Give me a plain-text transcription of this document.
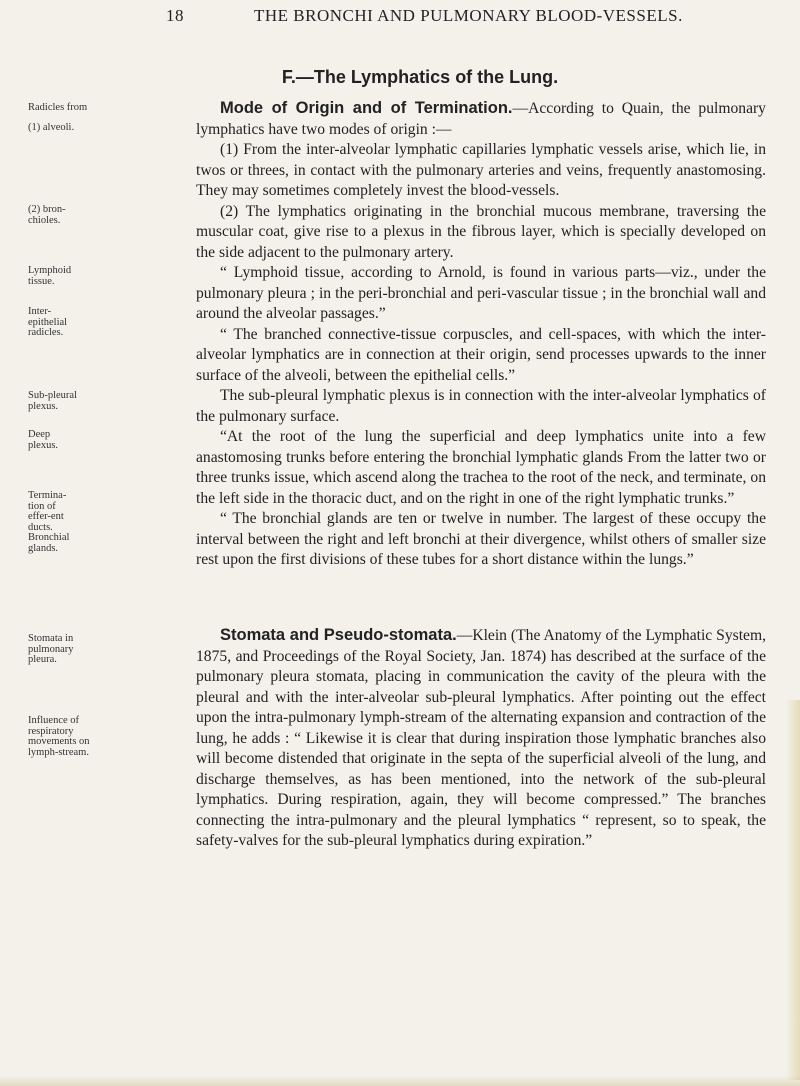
18	THE BRONCHI AND PULMONARY BLOOD-VESSELS.
F.—The Lymphatics of the Lung.

Mode of Origin and of Termination.—According to Quain, the pulmonary lymphatics have two modes of origin :—

(1) From the inter-alveolar lymphatic capillaries lymphatic vessels arise, which lie, in twos or threes, in contact with the pulmonary arteries and veins, frequently anastomosing. They may sometimes completely invest the blood-vessels.

(2) The lymphatics originating in the bronchial mucous membrane, traversing the muscular coat, give rise to a plexus in the fibrous layer, which is specially developed on the side adjacent to the pulmonary artery.

“ Lymphoid tissue, according to Arnold, is found in various parts—viz., under the pulmonary pleura ; in the peri-bronchial and peri-vascular tissue ; in the bronchial wall and around the alveolar passages.”

“ The branched connective-tissue corpuscles, and cell-spaces, with which the inter-alveolar lymphatics are in connection at their origin, send processes upwards to the inner surface of the alveoli, between the epithelial cells.”

The sub-pleural lymphatic plexus is in connection with the inter-alveolar lymphatics of the pulmonary surface.

“At the root of the lung the superficial and deep lymphatics unite into a few anastomosing trunks before entering the bronchial lymphatic glands From the latter two or three trunks issue, which ascend along the trachea to the root of the neck, and terminate, on the left side in the thoracic duct, and on the right in one of the right lymphatic trunks.”

“ The bronchial glands are ten or twelve in number. The largest of these occupy the interval between the right and left bronchi at their divergence, whilst others of smaller size rest upon the first divisions of these tubes for a short distance within the lungs.”

Stomata and Pseudo-stomata.—Klein (The Anatomy of the Lymphatic System, 1875, and Proceedings of the Royal Society, Jan. 1874) has described at the surface of the pulmonary pleura stomata, placing in communication the cavity of the pleura with the pleural and with the inter-alveolar sub-pleural lymphatics. After pointing out the effect upon the intra-pulmonary lymph-stream of the alternating expansion and contraction of the lung, he adds : “ Likewise it is clear that during inspiration those lymphatic branches also will become distended that originate in the septa of the superficial alveoli of the lung, and discharge themselves, as has been mentioned, into the network of the sub-pleural lymphatics. During respiration, again, they will become compressed.” The branches connecting the intra-pulmonary and the pleural lymphatics “ represent, so to speak, the safety-valves for the sub-pleural lymphatics during expiration.”

Radicles from
(1) alveoli.
(2) bron-chioles.
Lymphoid tissue.
Inter-epithelial radicles.
Sub-pleural plexus.
Deep plexus.
Termina-tion of effer-ent ducts.
Bronchial glands.
Stomata in pulmonary pleura.
Influence of respiratory movements on lymph-stream.
